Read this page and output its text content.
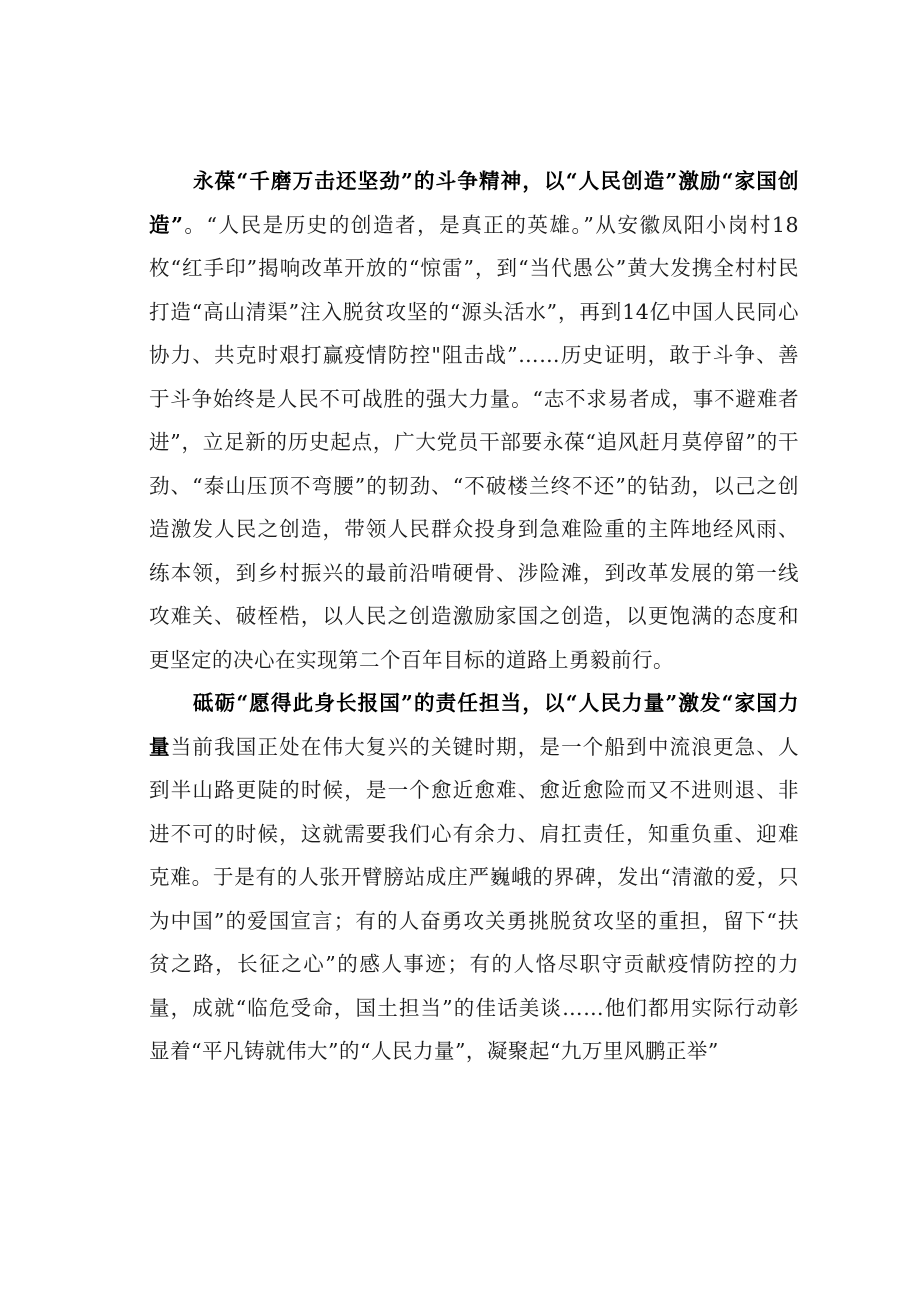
永葆“千磨万击还坚劲”的斗争精神，以“人民创造”激励“家国创造”。“人民是历史的创造者，是真正的英雄。”从安徽凤阳小岗村18枚“红手印”揭响改革开放的“惊雷”，到“当代愚公”黄大发携全村村民打造“高山清渠”注入脱贫攻坚的“源头活水”，再到14亿中国人民同心协力、共克时艰打赢疫情防控"阻击战”……历史证明，敢于斗争、善于斗争始终是人民不可战胜的强大力量。“志不求易者成，事不避难者进”，立足新的历史起点，广大党员干部要永葆“追风赶月莫停留”的干劲、“泰山压顶不弯腰”的韧劲、“不破楼兰终不还”的钻劲，以己之创造激发人民之创造，带领人民群众投身到急难险重的主阵地经风雨、练本领，到乡村振兴的最前沿啃硬骨、涉险滩，到改革发展的第一线攻难关、破桎梏，以人民之创造激励家国之创造，以更饱满的态度和更坚定的决心在实现第二个百年目标的道路上勇毅前行。

砥砺“愿得此身长报国”的责任担当，以“人民力量”激发“家国力量当前我国正处在伟大复兴的关键时期，是一个船到中流浪更急、人到半山路更陡的时候，是一个愈近愈难、愈近愈险而又不进则退、非进不可的时候，这就需要我们心有余力、肩扛责任，知重负重、迎难克难。于是有的人张开臂膀站成庄严巍峨的界碑，发出“清澈的爱，只为中国”的爱国宣言；有的人奋勇攻关勇挑脱贫攻坚的重担，留下“扶贫之路，长征之心”的感人事迹；有的人恪尽职守贡献疫情防控的力量，成就“临危受命，国土担当”的佳话美谈……他们都用实际行动彰显着“平凡铸就伟大”的“人民力量”，凝聚起“九万里风鹏正举”
